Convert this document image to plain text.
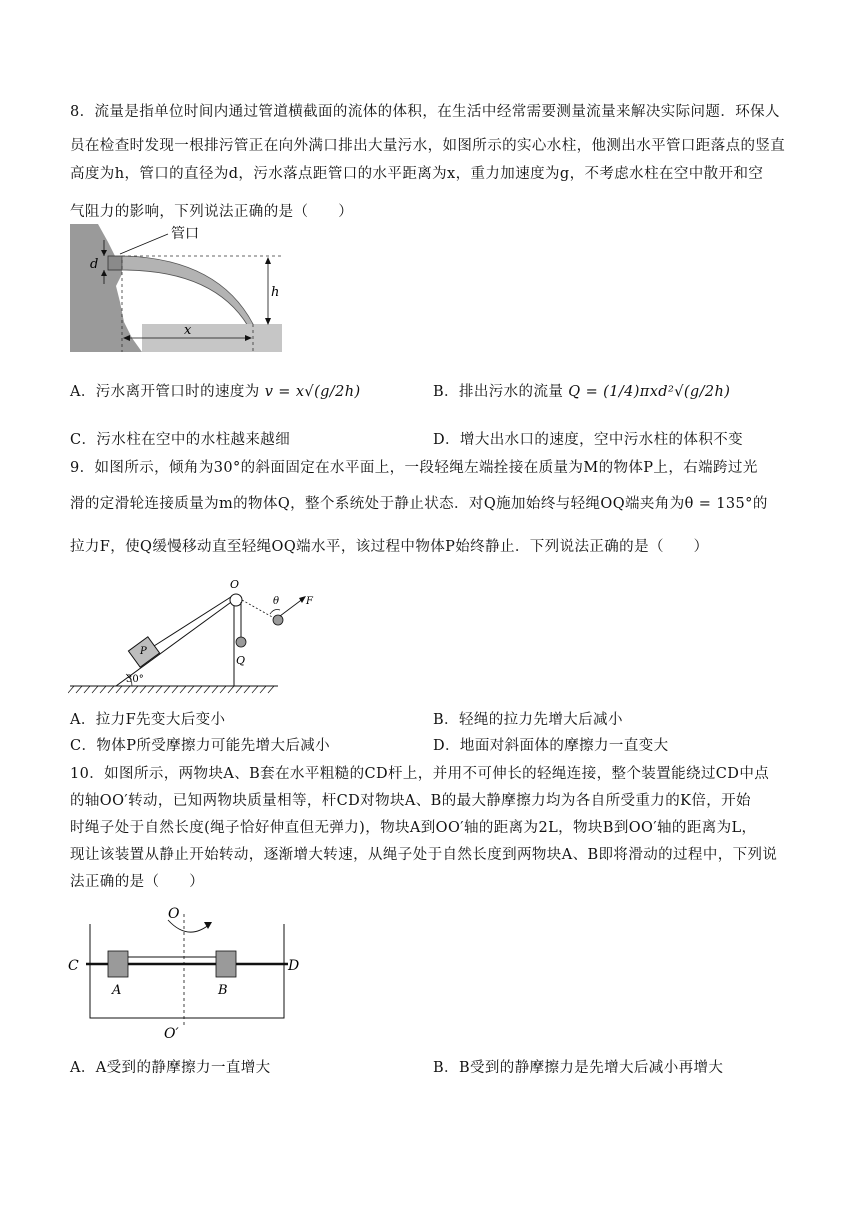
8．流量是指单位时间内通过管道横截面的流体的体积，在生活中经常需要测量流量来解决实际问题．环保人
员在检查时发现一根排污管正在向外满口排出大量污水，如图所示的实心水柱，他测出水平管口距落点的竖直
高度为h，管口的直径为d，污水落点距管口的水平距离为x，重力加速度为g，不考虑水柱在空中散开和空
气阻力的影响，下列说法正确的是（　　）
管口
d
h
x
A．污水离开管口时的速度为 v = x√(g/2h)	B．排出污水的流量 Q = (1/4)πxd²√(g/2h)
C．污水柱在空中的水柱越来越细	D．增大出水口的速度，空中污水柱的体积不变
9．如图所示，倾角为30°的斜面固定在水平面上，一段轻绳左端拴接在质量为M的物体P上，右端跨过光
滑的定滑轮连接质量为m的物体Q，整个系统处于静止状态．对Q施加始终与轻绳OQ端夹角为θ = 135°的
拉力F，使Q缓慢移动直至轻绳OQ端水平，该过程中物体P始终静止．下列说法正确的是（　　）
P
O
Q
θ	F
30°
A．拉力F先变大后变小	B．轻绳的拉力先增大后减小
C．物体P所受摩擦力可能先增大后减小	D．地面对斜面体的摩擦力一直变大
10．如图所示，两物块A、B套在水平粗糙的CD杆上，并用不可伸长的轻绳连接，整个装置能绕过CD中点
的轴OO′转动，已知两物块质量相等，杆CD对物块A、B的最大静摩擦力均为各自所受重力的K倍，开始
时绳子处于自然长度(绳子恰好伸直但无弹力)，物块A到OO′轴的距离为2L，物块B到OO′轴的距离为L，
现让该装置从静止开始转动，逐渐增大转速，从绳子处于自然长度到两物块A、B即将滑动的过程中，下列说
法正确的是（　　）
O
O′
A	B
C	D
A．A受到的静摩擦力一直增大	B．B受到的静摩擦力是先增大后减小再增大
